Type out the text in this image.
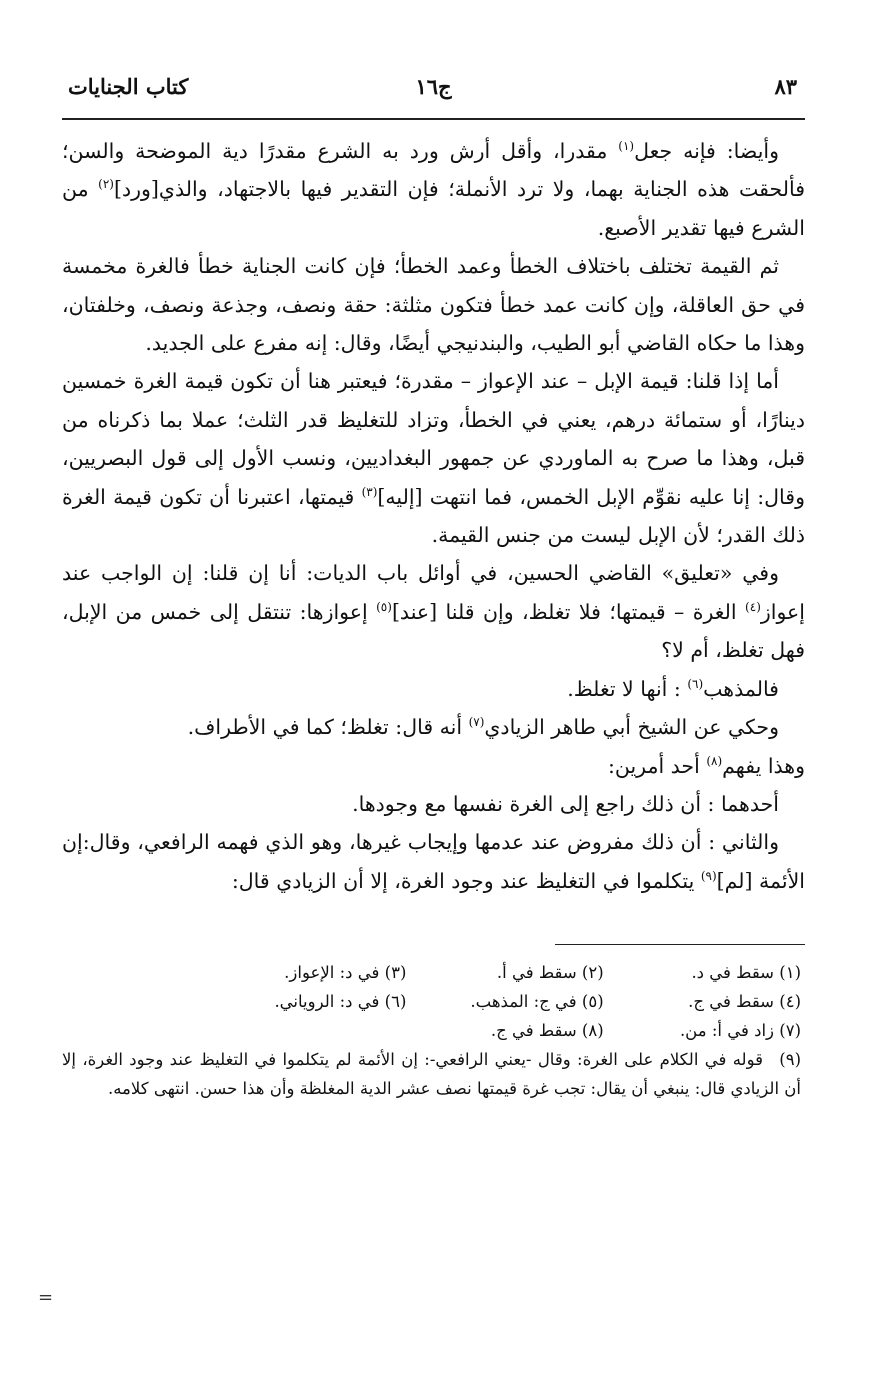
٨٣
ج١٦
كتاب الجنايات

وأيضا: فإنه جعل$^{(١)}$ مقدرا، وأقل أرش ورد به الشرع مقدرًا دية الموضحة والسن؛ فألحقت هذه الجناية بهما، ولا ترد الأنملة؛ فإن التقدير فيها بالاجتهاد، والذي[ورد]$^{(٢)}$ من الشرع فيها تقدير الأصبع.

ثم القيمة تختلف باختلاف الخطأ وعمد الخطأ؛ فإن كانت الجناية خطأ فالغرة مخمسة في حق العاقلة، وإن كانت عمد خطأ فتكون مثلثة: حقة ونصف، وجذعة ونصف، وخلفتان، وهذا ما حكاه القاضي أبو الطيب، والبندنيجي أيضًا، وقال: إنه مفرع على الجديد.

أما إذا قلنا: قيمة الإبل – عند الإعواز – مقدرة؛ فيعتبر هنا أن تكون قيمة الغرة خمسين دينارًا، أو ستمائة درهم، يعني في الخطأ، وتزاد للتغليظ قدر الثلث؛ عملا بما ذكرناه من قبل، وهذا ما صرح به الماوردي عن جمهور البغداديين، ونسب الأول إلى قول البصريين، وقال: إنا عليه نقوِّم الإبل الخمس، فما انتهت [إليه]$^{(٣)}$ قيمتها، اعتبرنا أن تكون قيمة الغرة ذلك القدر؛ لأن الإبل ليست من جنس القيمة.

وفي «تعليق» القاضي الحسين، في أوائل باب الديات: أنا إن قلنا: إن الواجب عند إعواز$^{(٤)}$ الغرة – قيمتها؛ فلا تغلظ، وإن قلنا [عند]$^{(٥)}$ إعوازها: تنتقل إلى خمس من الإبل، فهل تغلظ، أم لا؟

فالمذهب$^{(٦)}$ : أنها لا تغلظ.

وحكي عن الشيخ أبي طاهر الزيادي$^{(٧)}$ أنه قال: تغلظ؛ كما في الأطراف.

وهذا يفهم$^{(٨)}$ أحد أمرين:

أحدهما : أن ذلك راجع إلى الغرة نفسها مع وجودها.

والثاني : أن ذلك مفروض عند عدمها وإيجاب غيرها، وهو الذي فهمه الرافعي، وقال:إن الأئمة [لم]$^{(٩)}$ يتكلموا في التغليظ عند وجود الغرة، إلا أن الزيادي قال:

(١) سقط في د.
(٢) سقط في أ.
(٣) في د: الإعواز.
(٤) سقط في ج.
(٥) في ج: المذهب.
(٦) في د: الروياني.
(٧) زاد في أ: من.
(٨) سقط في ج.
(٩)قوله في الكلام على الغرة: وقال -يعني الرافعي-: إن الأئمة لم يتكلموا في التغليظ عند وجود الغرة، إلا أن الزيادي قال: ينبغي أن يقال: تجب غرة قيمتها نصف عشر الدية المغلظة وأن هذا حسن. انتهى كلامه.
=
